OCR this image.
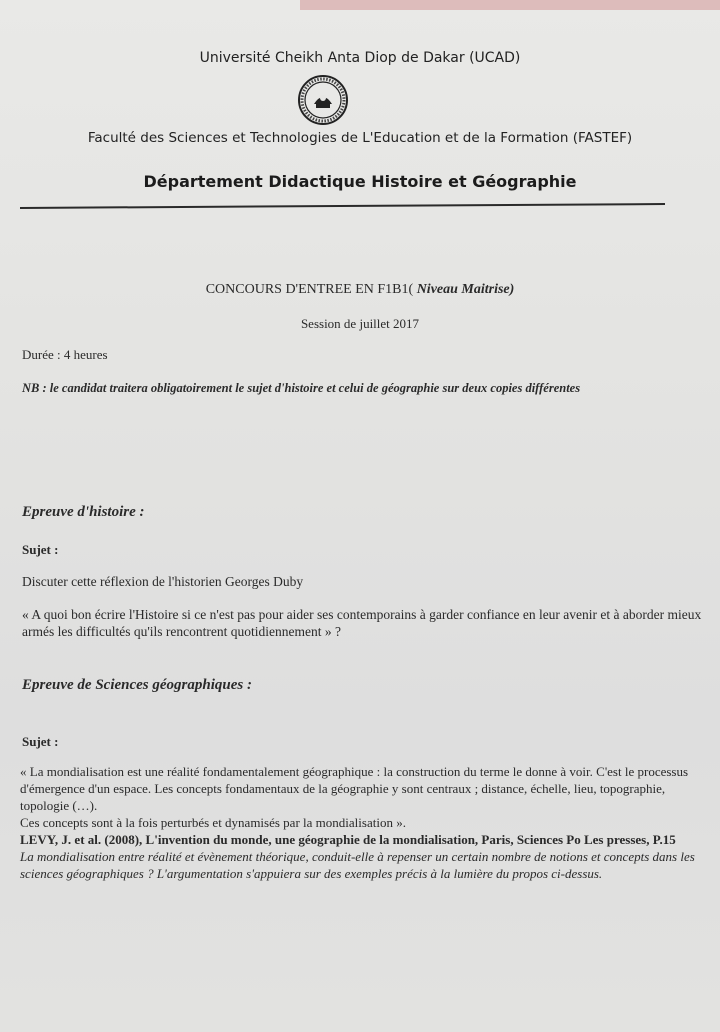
Université Cheikh Anta Diop de Dakar (UCAD)
Faculté des Sciences et Technologies de L'Education et de la Formation (FASTEF)
Département Didactique Histoire et Géographie
CONCOURS D'ENTREE EN F1B1( Niveau Maitrise)
Session de juillet 2017
Durée : 4 heures
NB : le candidat traitera obligatoirement le sujet d'histoire et celui de géographie sur deux copies différentes
Epreuve d'histoire :
Sujet :
Discuter cette réflexion de l'historien Georges Duby
« A quoi bon écrire l'Histoire si ce n'est pas pour aider ses contemporains à garder confiance en leur avenir et à aborder mieux armés les difficultés qu'ils rencontrent quotidiennement » ?
Epreuve de Sciences géographiques :
Sujet :
« La mondialisation est une réalité fondamentalement géographique : la construction du terme le donne à voir. C'est le processus d'émergence d'un espace. Les concepts fondamentaux de la géographie y sont centraux ; distance, échelle, lieu, topographie, topologie (…).
Ces concepts sont à la fois perturbés et dynamisés par la mondialisation ».
LEVY, J. et al. (2008), L'invention du monde, une géographie de la mondialisation, Paris, Sciences Po Les presses, P.15
La mondialisation entre réalité et évènement théorique, conduit-elle à repenser un certain nombre de notions et concepts dans les sciences géographiques ? L'argumentation s'appuiera sur des exemples précis à la lumière du propos ci-dessus.
